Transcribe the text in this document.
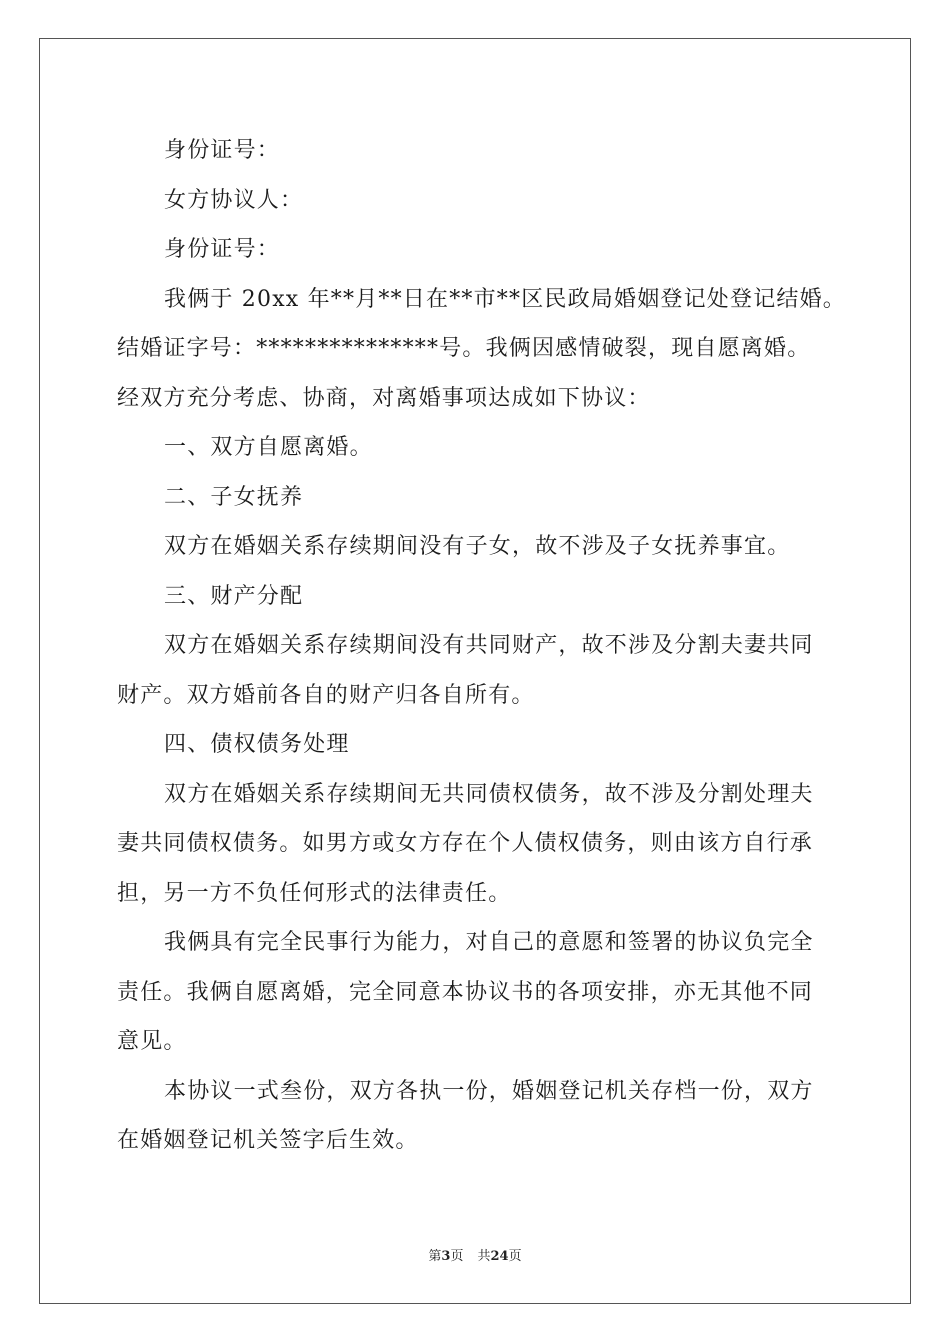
身份证号：
女方协议人：
身份证号：
我俩于 20xx 年**月**日在**市**区民政局婚姻登记处登记结婚。
结婚证字号：***************号。我俩因感情破裂，现自愿离婚。
经双方充分考虑、协商，对离婚事项达成如下协议：
一、双方自愿离婚。
二、子女抚养
双方在婚姻关系存续期间没有子女，故不涉及子女抚养事宜。
三、财产分配
双方在婚姻关系存续期间没有共同财产，故不涉及分割夫妻共同
财产。双方婚前各自的财产归各自所有。
四、债权债务处理
双方在婚姻关系存续期间无共同债权债务，故不涉及分割处理夫
妻共同债权债务。如男方或女方存在个人债权债务，则由该方自行承
担，另一方不负任何形式的法律责任。
我俩具有完全民事行为能力，对自己的意愿和签署的协议负完全
责任。我俩自愿离婚，完全同意本协议书的各项安排，亦无其他不同
意见。
本协议一式叁份，双方各执一份，婚姻登记机关存档一份，双方
在婚姻登记机关签字后生效。
第3页 共24页
